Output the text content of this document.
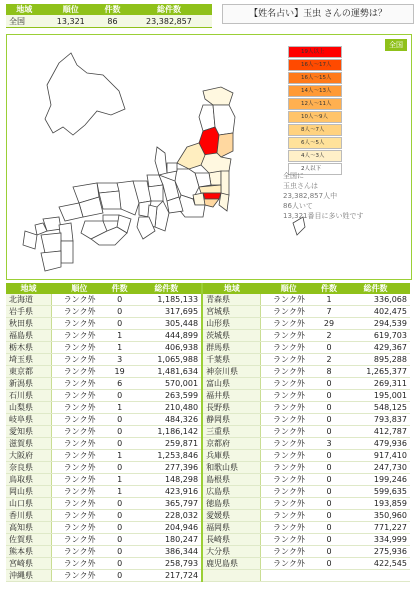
地域	順位	件数	総件数
全国	13,321	86	23,382,857
【姓名占い】玉虫 さんの運勢は？
全国
19人以上
16人～17人
16人～15人
14人～13人
12人～11人
10人～9人
8人～7人
6人～5人
4人～3人
2人以下
全国に
玉虫さんは
23,382,857人中
86人いて
13,321番目に多い姓です
地域	順位	件数	総件数	地域	順位	件数	総件数
北海道	ランク外	0	1,185,133	青森県	ランク外	1	336,068
岩手県	ランク外	0	317,695	宮城県	ランク外	7	402,475
秋田県	ランク外	0	305,448	山形県	ランク外	29	294,539
福島県	ランク外	1	444,899	茨城県	ランク外	2	619,703
栃木県	ランク外	1	406,938	群馬県	ランク外	0	429,367
埼玉県	ランク外	3	1,065,988	千葉県	ランク外	2	895,288
東京都	ランク外	19	1,481,634	神奈川県	ランク外	8	1,265,377
新潟県	ランク外	6	570,001	富山県	ランク外	0	269,311
石川県	ランク外	0	263,599	福井県	ランク外	0	195,001
山梨県	ランク外	1	210,480	長野県	ランク外	0	548,125
岐阜県	ランク外	0	484,326	静岡県	ランク外	0	793,837
愛知県	ランク外	0	1,186,142	三重県	ランク外	0	412,787
滋賀県	ランク外	0	259,871	京都府	ランク外	3	479,936
大阪府	ランク外	1	1,253,846	兵庫県	ランク外	0	917,410
奈良県	ランク外	0	277,396	和歌山県	ランク外	0	247,730
鳥取県	ランク外	1	148,298	島根県	ランク外	0	199,246
岡山県	ランク外	1	423,916	広島県	ランク外	0	599,635
山口県	ランク外	0	365,797	徳島県	ランク外	0	193,859
香川県	ランク外	0	228,032	愛媛県	ランク外	0	350,960
高知県	ランク外	0	204,946	福岡県	ランク外	0	771,227
佐賀県	ランク外	0	180,247	長崎県	ランク外	0	334,999
熊本県	ランク外	0	386,344	大分県	ランク外	0	275,936
宮崎県	ランク外	0	258,793	鹿児島県	ランク外	0	422,545
沖縄県	ランク外	0	217,724				
